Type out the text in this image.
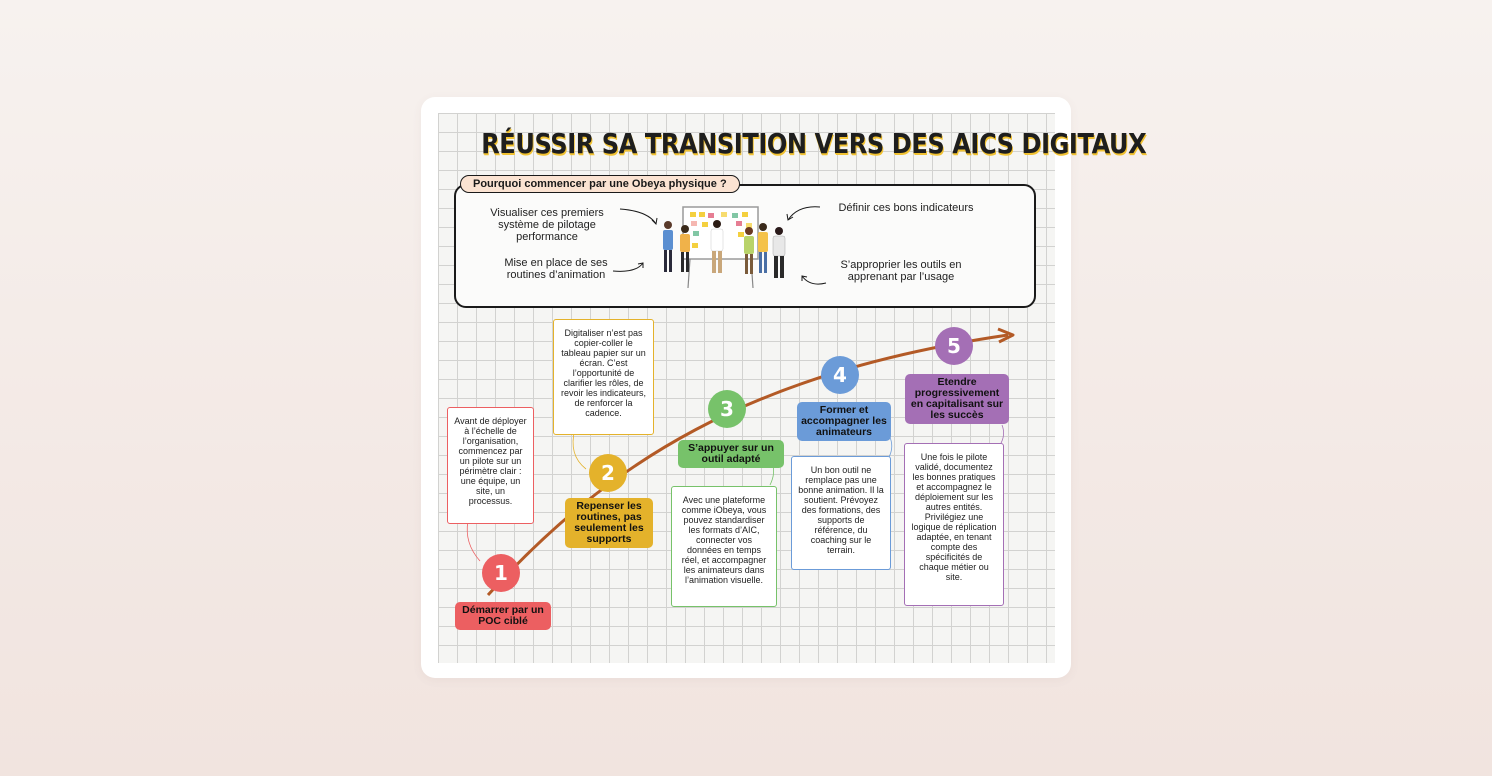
RÉUSSIR SA TRANSITION VERS DES AICS DIGITAUX
Pourquoi commencer par une Obeya physique ?
Visualiser ces premiers système de pilotage performance
Mise en place de ses routines d’animation
Définir ces bons indicateurs
S’approprier les outils en apprenant par l’usage
1
Démarrer par un POC ciblé
Avant de déployer à l’échelle de l’organisation, commencez par un pilote sur un périmètre clair : une équipe, un site, un processus.
2
Repenser les routines, pas seulement les supports
Digitaliser n’est pas copier-coller le tableau papier sur un écran. C’est l’opportunité de clarifier les rôles, de revoir les indicateurs, de renforcer la cadence.	3
S’appuyer sur un outil adapté
Avec une plateforme comme iObeya, vous pouvez standardiser les formats d’AIC, connecter vos données en temps réel, et accompagner les animateurs dans l’animation visuelle.
4
Former et accompagner les animateurs
Un bon outil ne remplace pas une bonne animation. Il la soutient. Prévoyez des formations, des supports de référence, du coaching sur le terrain.
5
Etendre progressivement en capitalisant sur les succès
Une fois le pilote validé, documentez les bonnes pratiques et accompagnez le déploiement sur les autres entités. Privilégiez une logique de réplication adaptée, en tenant compte des spécificités de chaque métier ou site.
